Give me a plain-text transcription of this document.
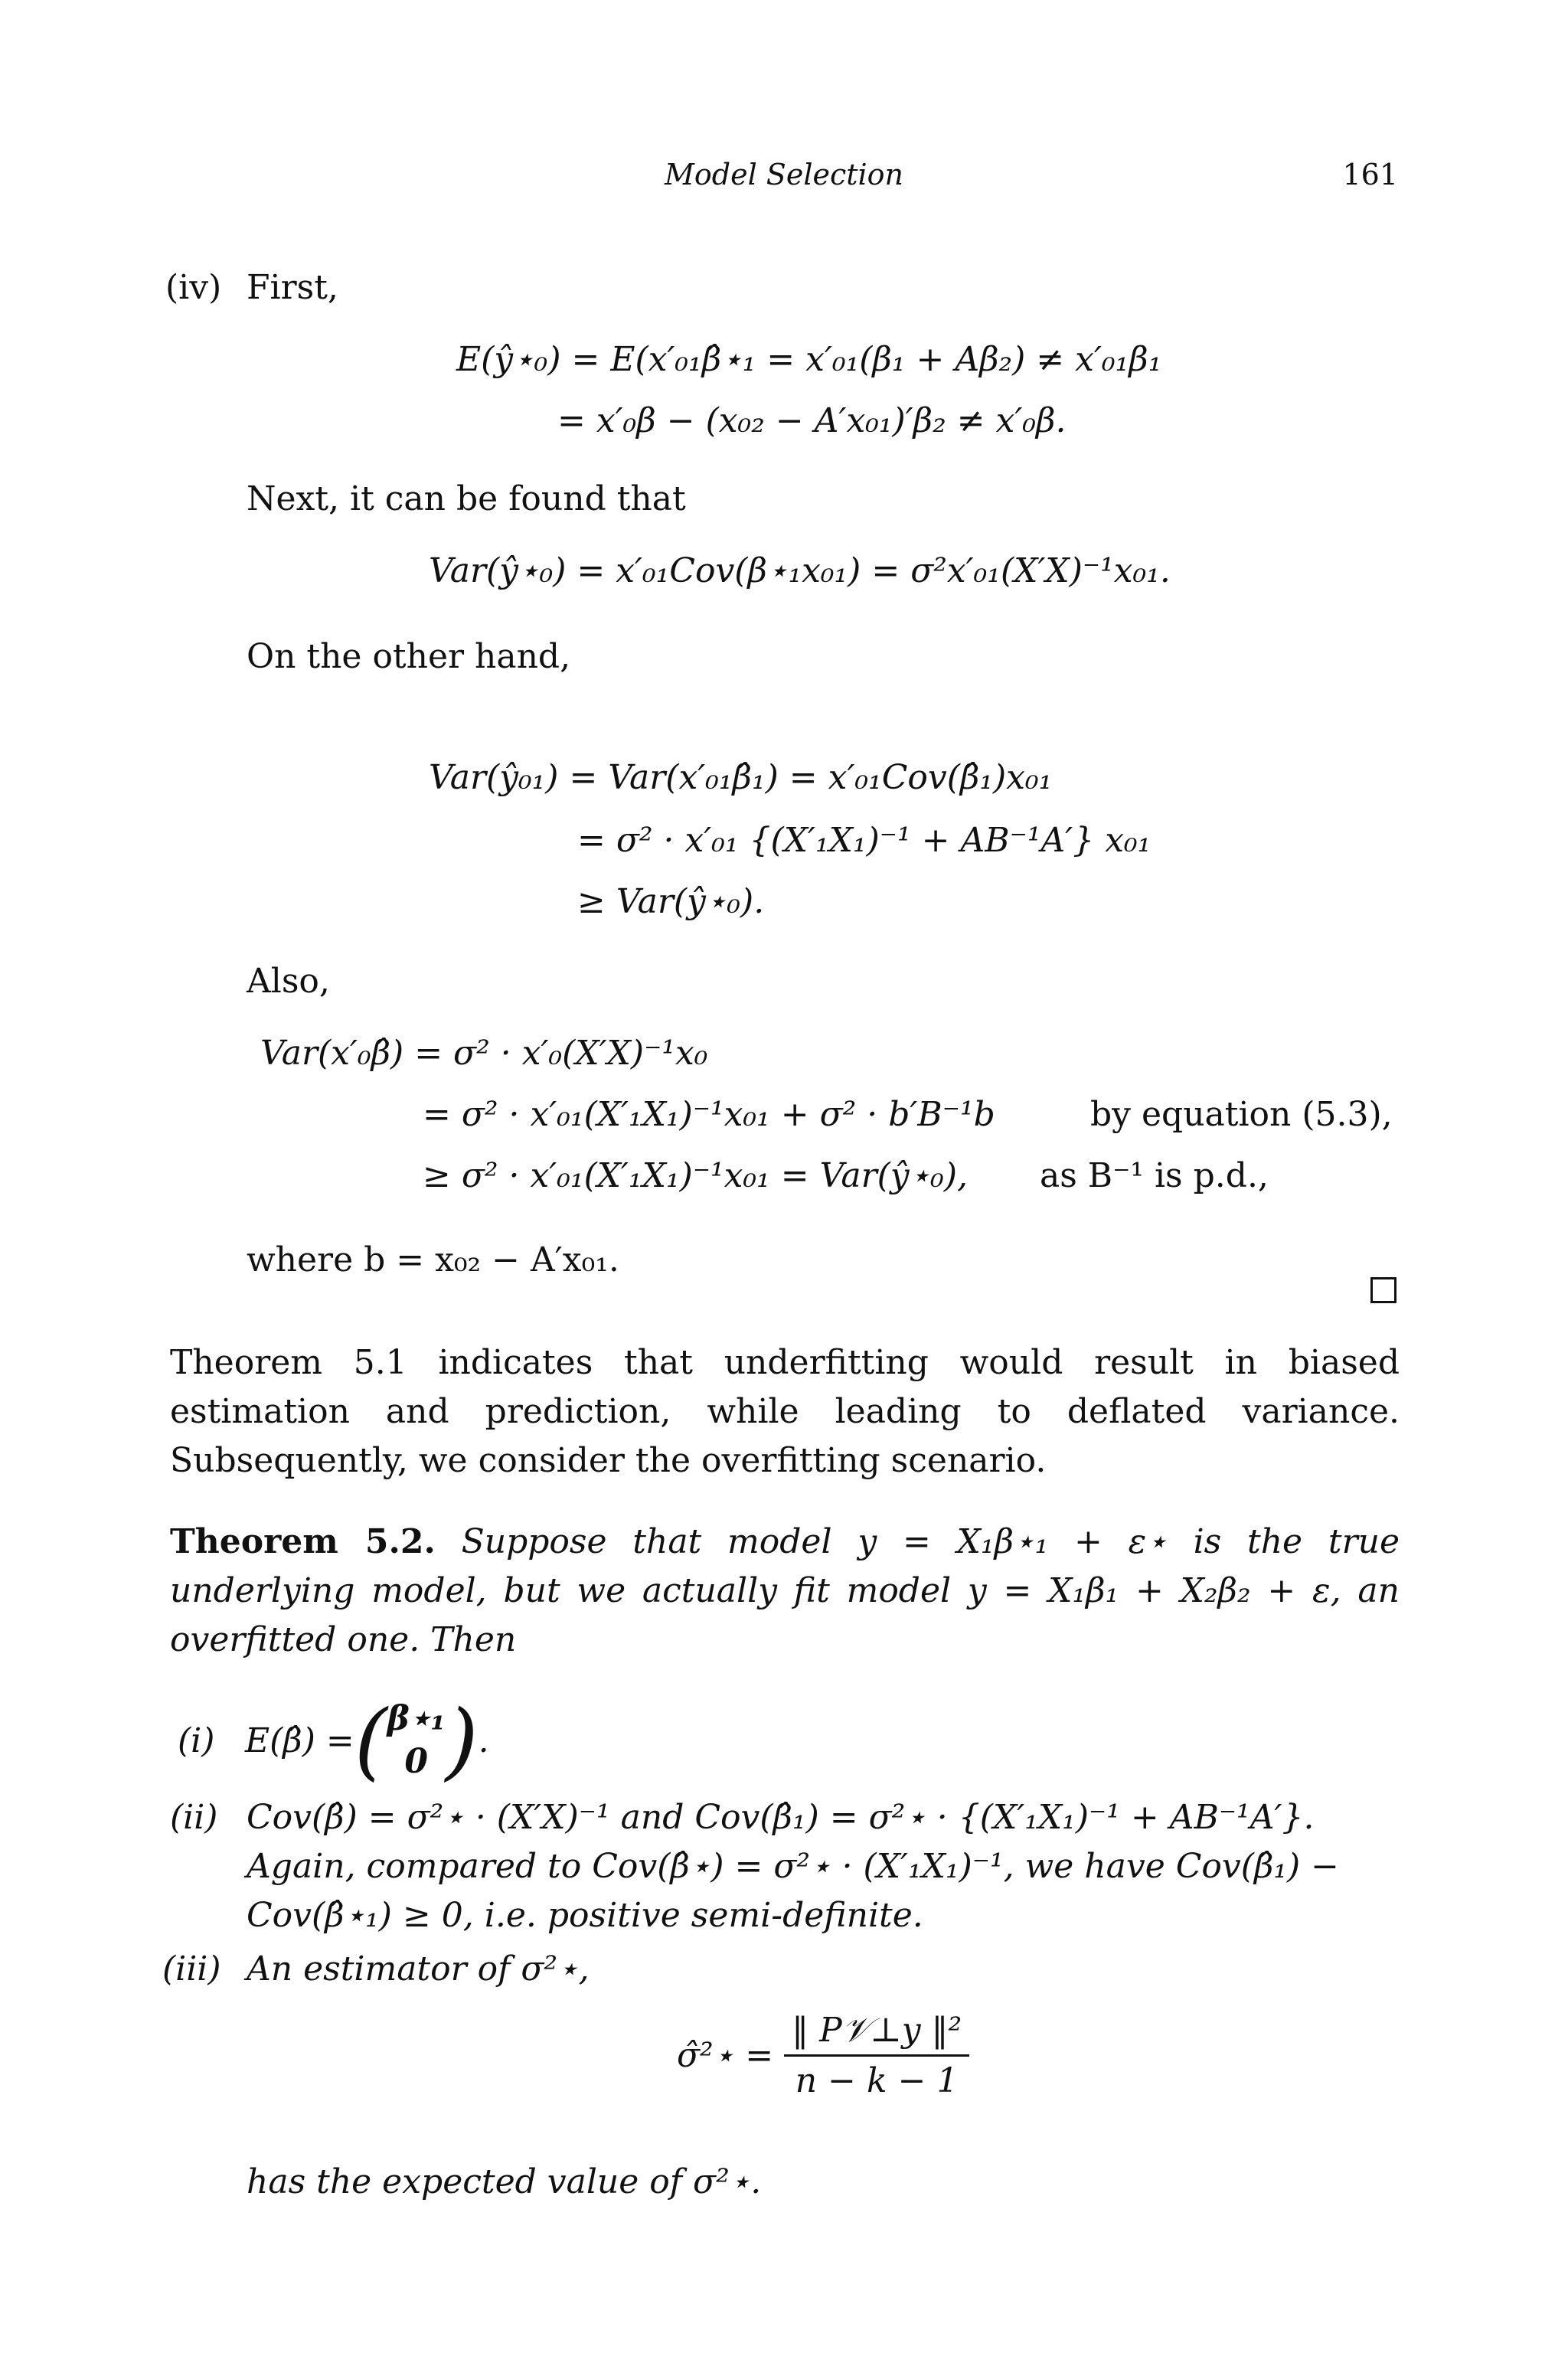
Model Selection	161
(iv) First,
E(ŷ⋆₀) = E(x′₀₁β̂⋆₁ = x′₀₁(β₁ + Aβ₂) ≠ x′₀₁β₁
= x′₀β − (x₀₂ − A′x₀₁)′β₂ ≠ x′₀β.
Next, it can be found that
Var(ŷ⋆₀) = x′₀₁Cov(β⋆₁x₀₁) = σ²x′₀₁(X′X)⁻¹x₀₁.
On the other hand,
Var(ŷ₀₁) = Var(x′₀₁β̂₁) = x′₀₁Cov(β̂₁)x₀₁
= σ² · x′₀₁ {(X′₁X₁)⁻¹ + AB⁻¹A′} x₀₁
≥ Var(ŷ⋆₀).
Also,
Var(x′₀β̂) = σ² · x′₀(X′X)⁻¹x₀
= σ² · x′₀₁(X′₁X₁)⁻¹x₀₁ + σ² · b′B⁻¹b	by equation (5.3),
≥ σ² · x′₀₁(X′₁X₁)⁻¹x₀₁ = Var(ŷ⋆₀), as B⁻¹ is p.d.,
where b = x₀₂ − A′x₀₁.
Theorem 5.1 indicates that underfitting would result in biased estimation and prediction, while leading to deflated variance. Subsequently, we consider the overfitting scenario.
Theorem 5.2. Suppose that model y = X₁β⋆₁ + ε⋆ is the true underlying model, but we actually fit model y = X₁β₁ + X₂β₂ + ε, an overfitted one. Then
(i) E(β̂) = ( β⋆₁
0 ) .
(ii) Cov(β̂) = σ²⋆ · (X′X)⁻¹ and Cov(β̂₁) = σ²⋆ · {(X′₁X₁)⁻¹ + AB⁻¹A′}.
Again, compared to Cov(β̂⋆) = σ²⋆ · (X′₁X₁)⁻¹, we have Cov(β̂₁) −
Cov(β̂⋆₁) ≥ 0, i.e. positive semi-definite.
(iii) An estimator of σ²⋆,
σ̂²⋆ = $\frac{\text{‖ P𝒱⊥y ‖²}}{n - k - 1}$
has the expected value of σ²⋆.
